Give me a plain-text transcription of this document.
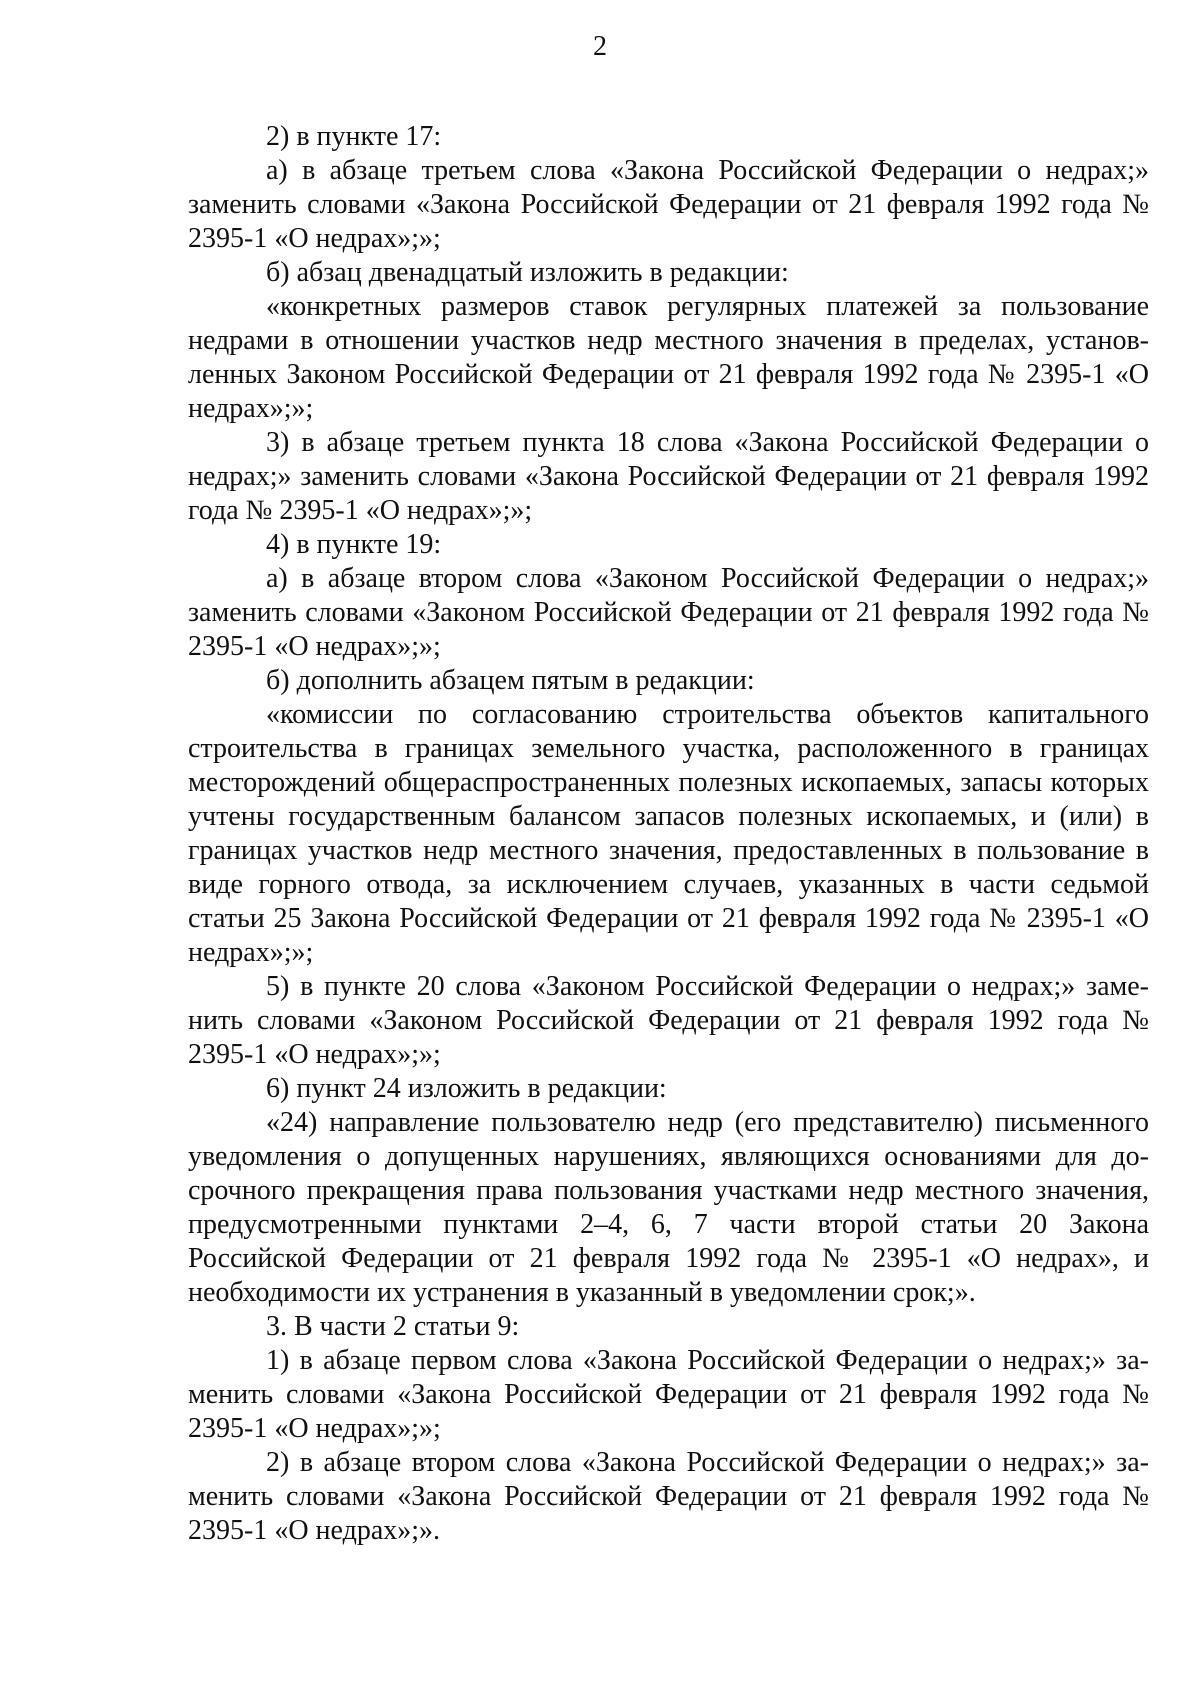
2

2) в пункте 17:

а) в абзаце третьем слова «Закона Российской Федерации о недрах;» заменить словами «Закона Российской Федерации от 21 февраля 1992 года № 2395-1 «О недрах»;»;

б) абзац двенадцатый изложить в редакции:

«конкретных размеров ставок регулярных платежей за пользование недрами в отношении участков недр местного значения в пределах, установленных Законом Российской Федерации от 21 февраля 1992 года № 2395-1 «О недрах»;»;

3) в абзаце третьем пункта 18 слова «Закона Российской Федерации о недрах;» заменить словами «Закона Российской Федерации от 21 февраля 1992 года № 2395-1 «О недрах»;»;

4) в пункте 19:

а) в абзаце втором слова «Законом Российской Федерации о недрах;» заменить словами «Законом Российской Федерации от 21 февраля 1992 года № 2395-1 «О недрах»;»;

б) дополнить абзацем пятым в редакции:

«комиссии по согласованию строительства объектов капитального строительства в границах земельного участка, расположенного в границах месторождений общераспространенных полезных ископаемых, запасы которых учтены государственным балансом запасов полезных ископаемых, и (или) в границах участков недр местного значения, предоставленных в пользование в виде горного отвода, за исключением случаев, указанных в части седьмой статьи 25 Закона Российской Федерации от 21 февраля 1992 года № 2395-1 «О недрах»;»;

5) в пункте 20 слова «Законом Российской Федерации о недрах;» заменить словами «Законом Российской Федерации от 21 февраля 1992 года № 2395-1 «О недрах»;»;

6) пункт 24 изложить в редакции:

«24) направление пользователю недр (его представителю) письменного уведомления о допущенных нарушениях, являющихся основаниями для досрочного прекращения права пользования участками недр местного значения, предусмотренными пунктами 2–4, 6, 7 части второй статьи 20 Закона Российской Федерации от 21 февраля 1992 года № 2395-1 «О недрах», и необходимости их устранения в указанный в уведомлении срок;».

3. В части 2 статьи 9:

1) в абзаце первом слова «Закона Российской Федерации о недрах;» заменить словами «Закона Российской Федерации от 21 февраля 1992 года № 2395-1 «О недрах»;»;

2) в абзаце втором слова «Закона Российской Федерации о недрах;» заменить словами «Закона Российской Федерации от 21 февраля 1992 года № 2395-1 «О недрах»;».
